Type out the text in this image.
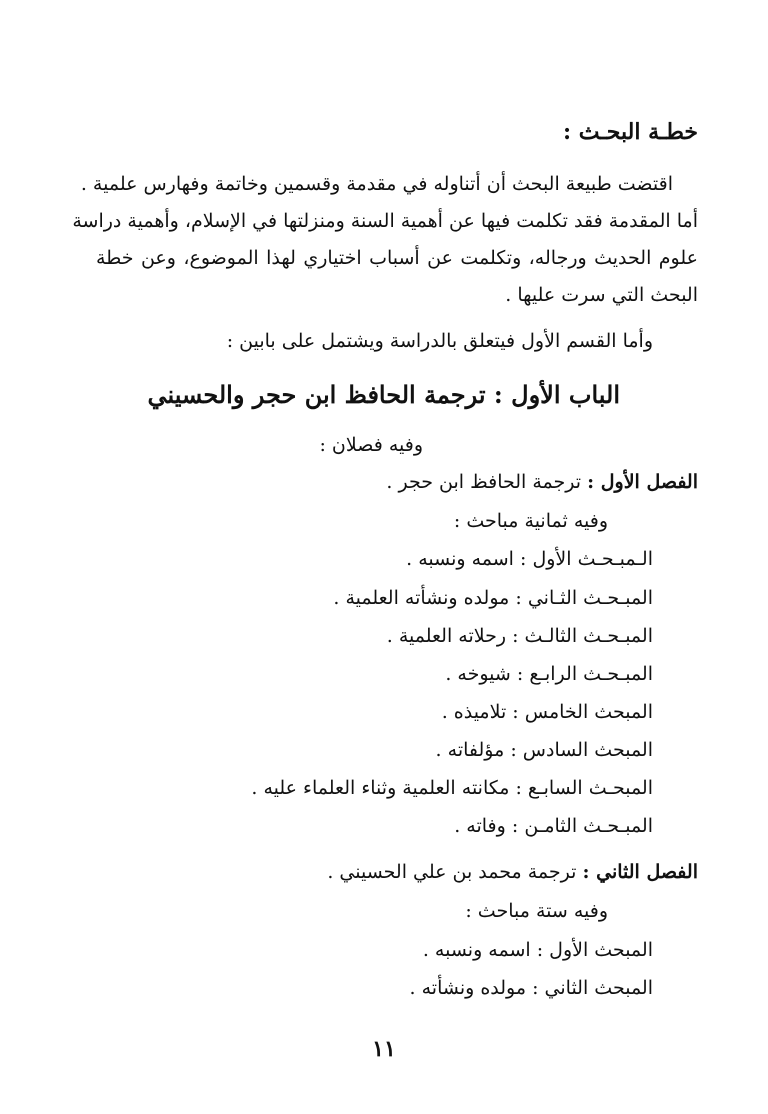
خطـة البحـث :
اقتضت طبيعة البحث أن أتناوله في مقدمة وقسمين وخاتمة وفهارس علمية .
أما المقدمة فقد تكلمت فيها عن أهمية السنة ومنزلتها في الإسلام، وأهمية دراسة
علوم الحديث ورجاله، وتكلمت عن أسباب اختياري لهذا الموضوع، وعن خطة
البحث التي سرت عليها .
وأما القسم الأول فيتعلق بالدراسة ويشتمل على بابين :
الباب الأول : ترجمة الحافظ ابن حجر والحسيني
وفيه فصلان :
الفصل الأول : ترجمة الحافظ ابن حجر .
وفيه ثمانية مباحث :
الـمبـحـث الأول : اسمه ونسبه .
المبـحـث الثـاني : مولده ونشأته العلمية .
المبـحـث الثالـث : رحلاته العلمية .
المبـحـث الرابـع : شيوخه .
المبحث الخامس : تلاميذه .
المبحث السادس : مؤلفاته .
المبحـث السابـع : مكانته العلمية وثناء العلماء عليه .
المبـحـث الثامـن : وفاته .
الفصل الثاني : ترجمة محمد بن علي الحسيني .
وفيه ستة مباحث :
المبحث الأول : اسمه ونسبه .
المبحث الثاني : مولده ونشأته .
١١
